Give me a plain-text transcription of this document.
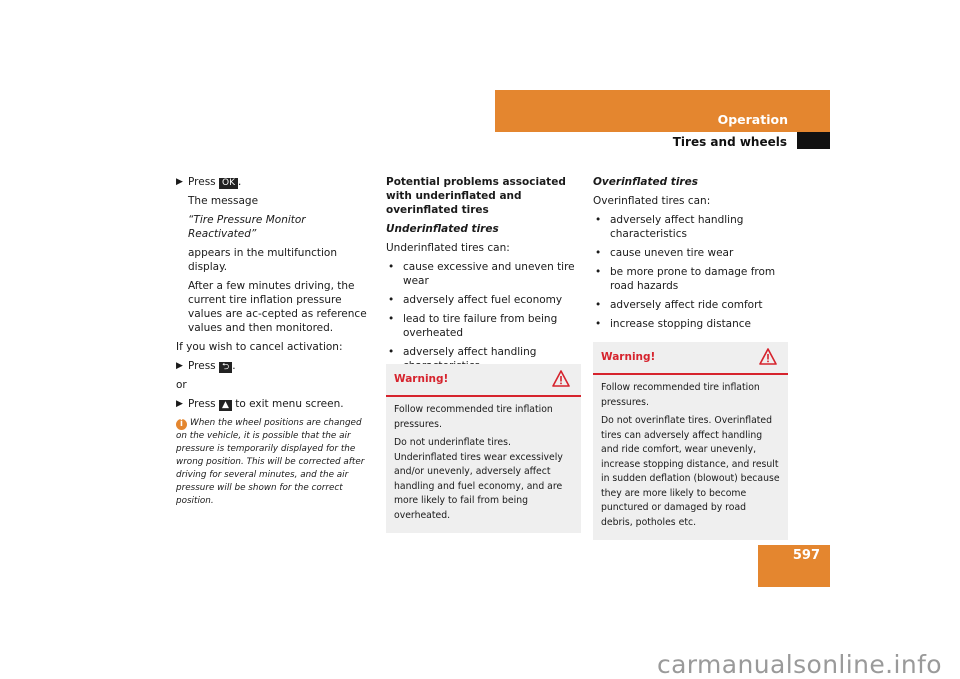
Operation
Tires and wheels
▶ Press OK .
The message
“Tire Pressure Monitor
Reactivated”
appears in the multifunction display.
After a few minutes driving, the current tire inflation pressure values are ac-cepted as reference values and then monitored.

If you wish to cancel activation:

▶ Press ⮌ .

or

▶ Press ▲ to exit menu screen.
i When the wheel positions are changed on the vehicle, it is possible that the air pressure is temporarily displayed for the wrong position. This will be corrected after driving for several minutes, and the air pressure will be shown for the correct position.

Potential problems associated with underinflated and overinflated tires

Underinflated tires

Underinflated tires can:

• cause excessive and uneven tire wear
• adversely affect fuel economy
• lead to tire failure from being overheated
• adversely affect handling
Warning!

Follow recommended tire inflation pressures.

Do not underinflate tires. Underinflated tires wear excessively and/or unevenly, adversely affect handling and fuel economy, and are more likely to fail from being overheated.

Overinflated tires

Overinflated tires can:

• adversely affect handling characteristics
• cause uneven tire wear
• be more prone to damage from road hazards
• adversely affect ride comfort
• increase stopping distance
Warning!

Follow recommended tire inflation pressures.

Do not overinflate tires. Overinflated tires can adversely affect handling and ride comfort, wear unevenly, increase stopping distance, and result in sudden deflation (blowout) because they are more likely to become punctured or damaged by road debris, potholes etc.

597
carmanualsonline.info
